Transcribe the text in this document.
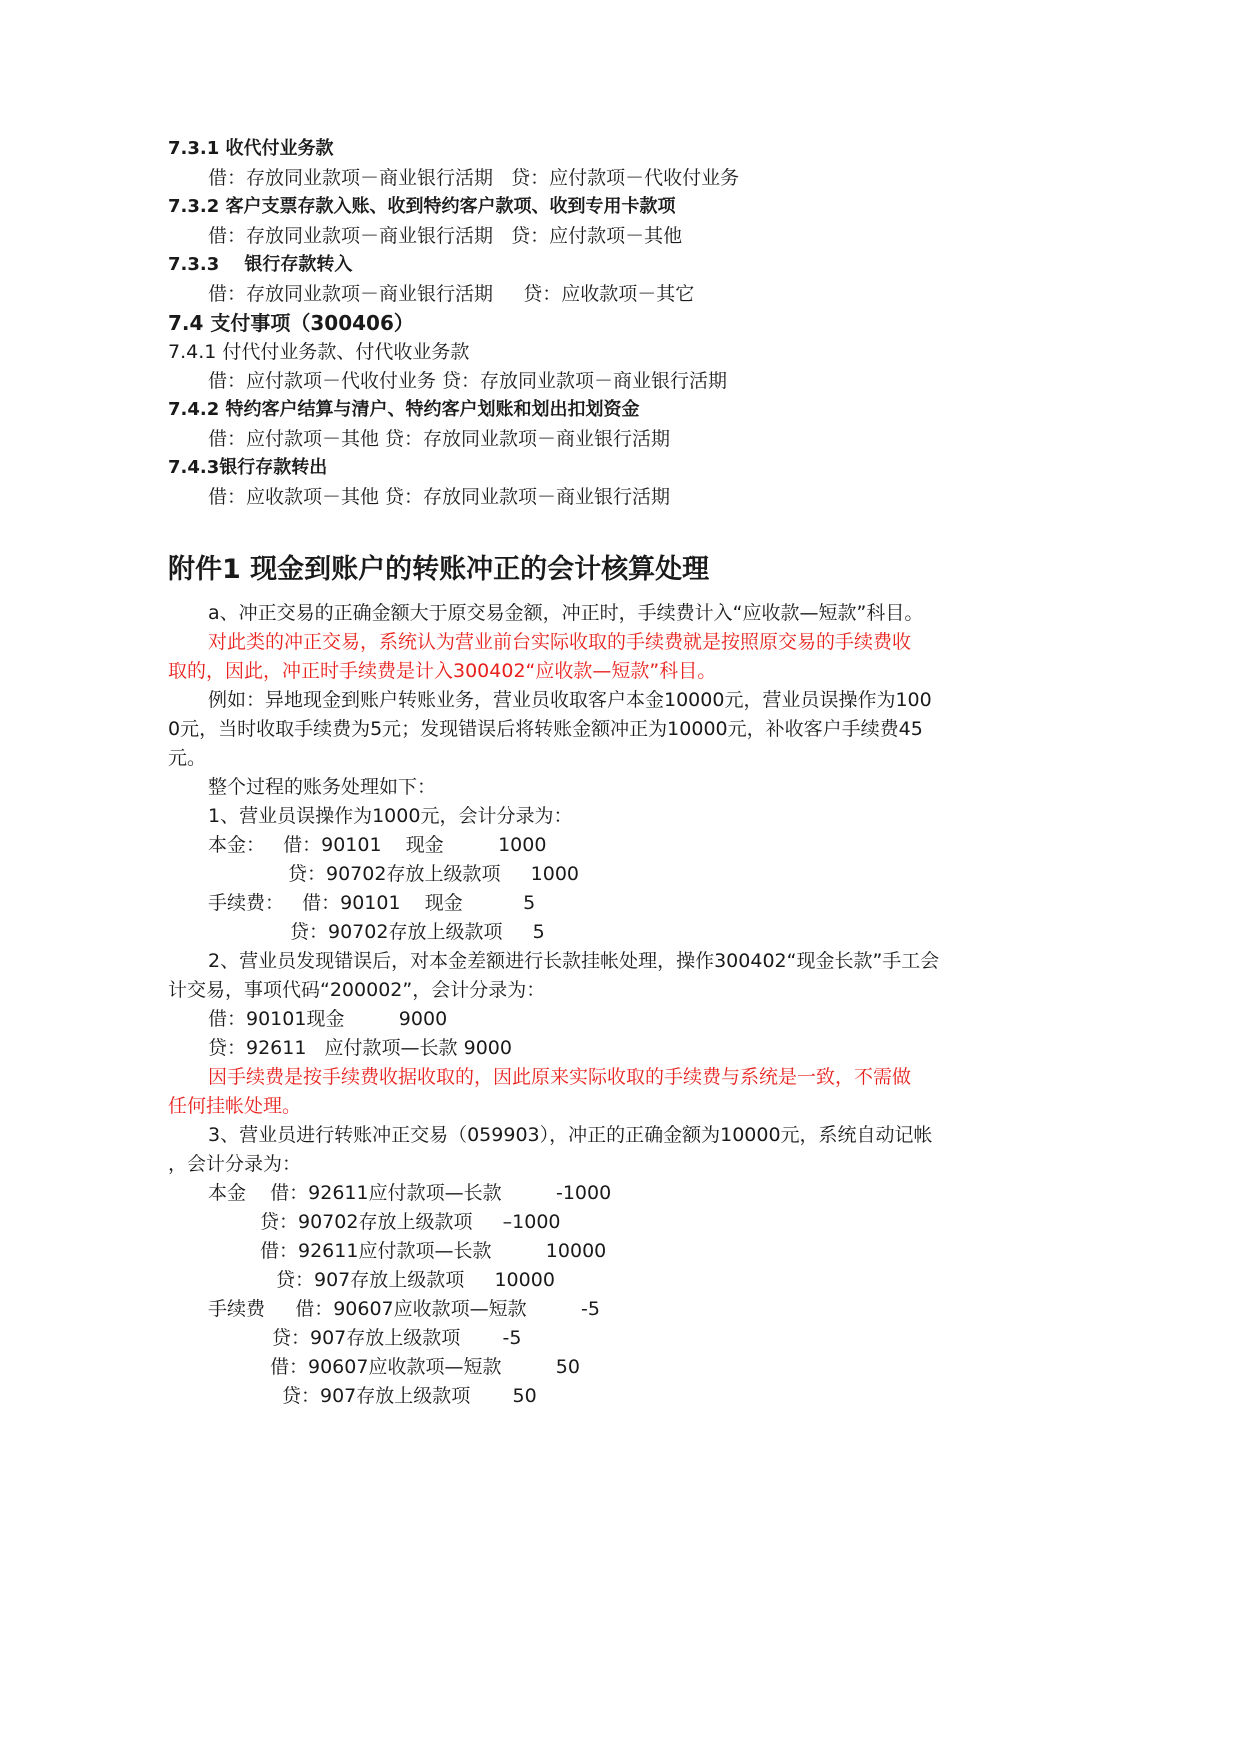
7.3.1 收代付业务款
借：存放同业款项－商业银行活期   贷：应付款项－代收付业务
7.3.2 客户支票存款入账、收到特约客户款项、收到专用卡款项
借：存放同业款项－商业银行活期   贷：应付款项－其他
7.3.3    银行存款转入
借：存放同业款项－商业银行活期     贷：应收款项－其它
7.4 支付事项（300406）
7.4.1 付代付业务款、付代收业务款
借：应付款项－代收付业务 贷：存放同业款项－商业银行活期
7.4.2 特约客户结算与清户、特约客户划账和划出扣划资金
借：应付款项－其他 贷：存放同业款项－商业银行活期
7.4.3银行存款转出
借：应收款项－其他 贷：存放同业款项－商业银行活期
附件1 现金到账户的转账冲正的会计核算处理
a、冲正交易的正确金额大于原交易金额，冲正时，手续费计入“应收款—短款”科目。
对此类的冲正交易，系统认为营业前台实际收取的手续费就是按照原交易的手续费收
取的，因此，冲正时手续费是计入300402“应收款—短款”科目。
例如：异地现金到账户转账业务，营业员收取客户本金10000元，营业员误操作为100
0元，当时收取手续费为5元；发现错误后将转账金额冲正为10000元，补收客户手续费45
元。
整个过程的账务处理如下：
1、营业员误操作为1000元，会计分录为：
本金：   借：90101    现金         1000
贷：90702存放上级款项     1000
手续费：   借：90101    现金          5
贷：90702存放上级款项     5
2、营业员发现错误后，对本金差额进行长款挂帐处理，操作300402“现金长款”手工会
计交易，事项代码“200002”，会计分录为：
借：90101现金         9000
贷：92611   应付款项—长款 9000
因手续费是按手续费收据收取的，因此原来实际收取的手续费与系统是一致，不需做
任何挂帐处理。
3、营业员进行转账冲正交易（059903），冲正的正确金额为10000元，系统自动记帐
，会计分录为：
本金    借：92611应付款项—长款         -1000
贷：90702存放上级款项     –1000
借：92611应付款项—长款         10000
贷：907存放上级款项     10000
手续费     借：90607应收款项—短款         -5
贷：907存放上级款项       -5
借：90607应收款项—短款         50
贷：907存放上级款项       50
